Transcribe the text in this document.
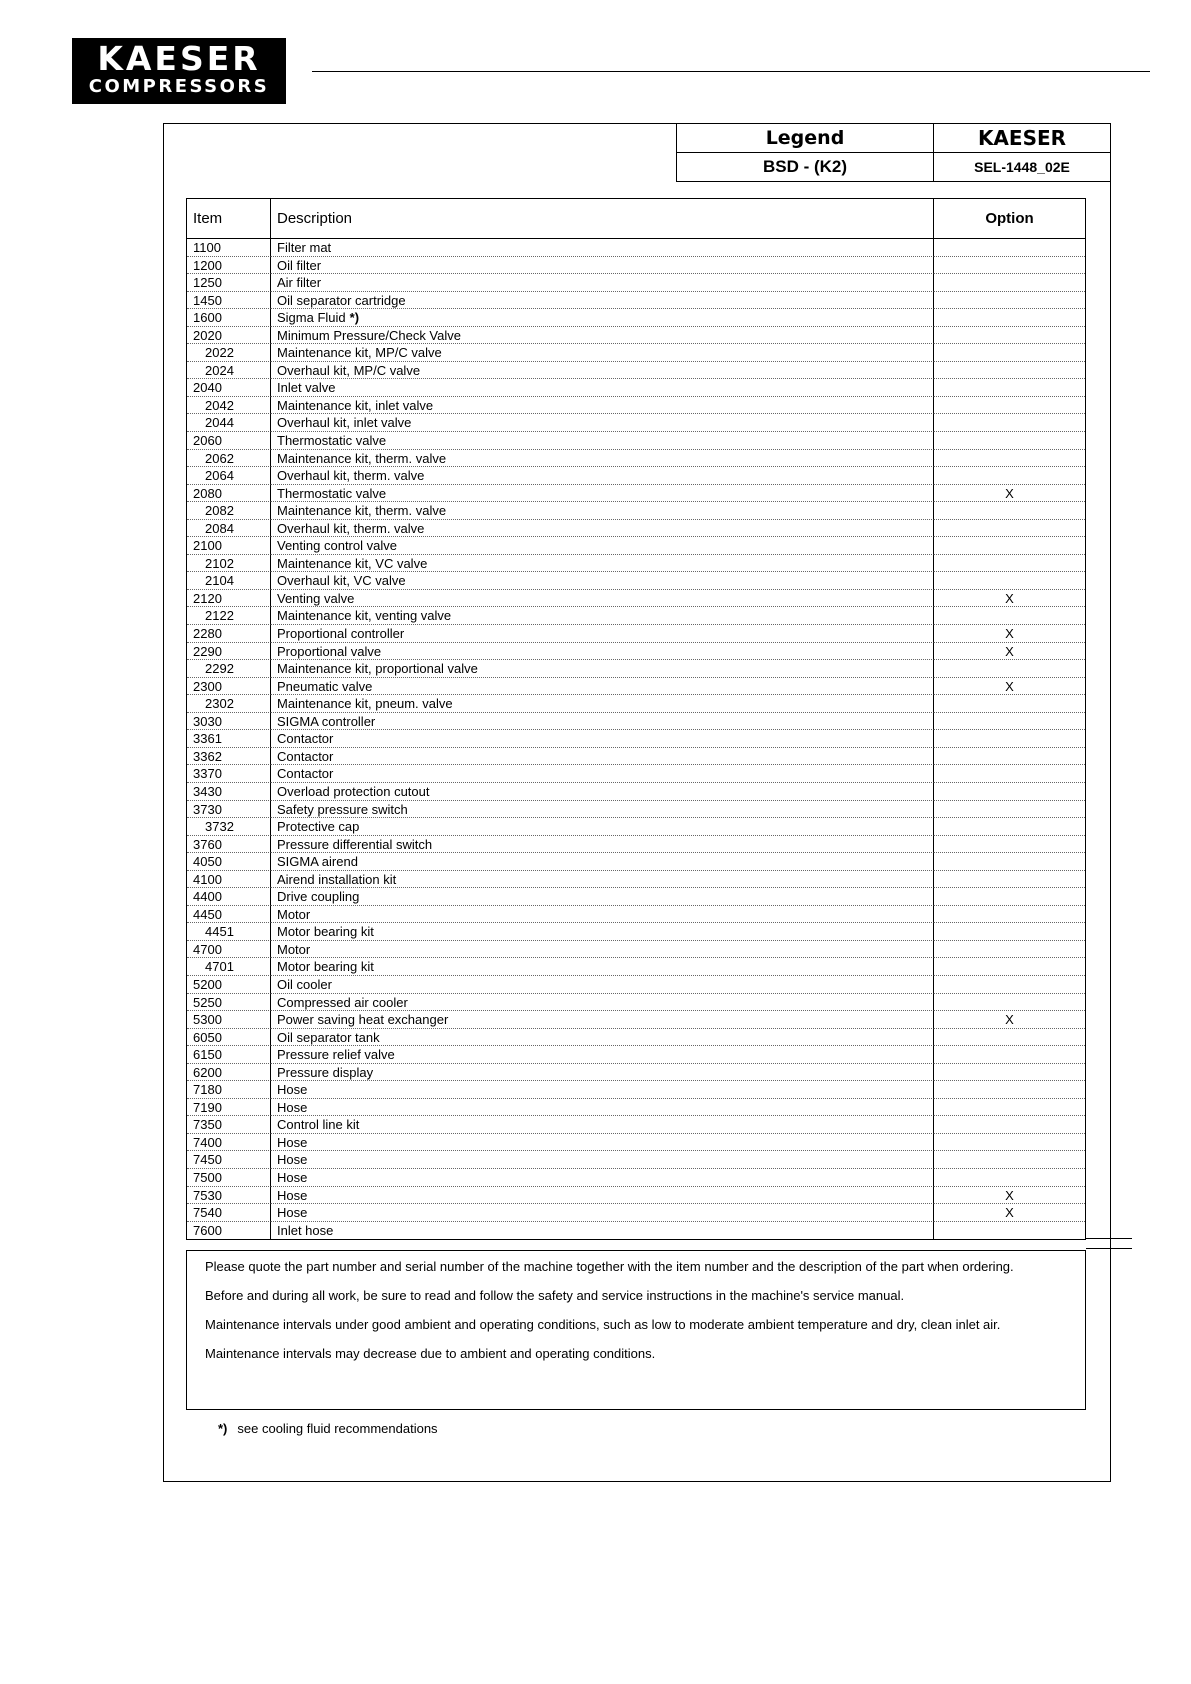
KAESER
COMPRESSORS
Legend	KAESER
BSD - (K2)	SEL-1448_02E
Item	Description	Option
1100	Filter mat
1200	Oil filter
1250	Air filter
1450	Oil separator cartridge
1600	Sigma Fluid *)
2020	Minimum Pressure/Check Valve
2022	Maintenance kit, MP/C valve
2024	Overhaul kit, MP/C valve
2040	Inlet valve
2042	Maintenance kit, inlet valve
2044	Overhaul kit, inlet valve
2060	Thermostatic valve
2062	Maintenance kit, therm. valve
2064	Overhaul kit, therm. valve
2080	Thermostatic valve	X
2082	Maintenance kit, therm. valve
2084	Overhaul kit, therm. valve
2100	Venting control valve
2102	Maintenance kit, VC valve
2104	Overhaul kit, VC valve
2120	Venting valve	X
2122	Maintenance kit, venting valve
2280	Proportional controller	X
2290	Proportional valve	X
2292	Maintenance kit, proportional valve
2300	Pneumatic valve	X
2302	Maintenance kit, pneum. valve
3030	SIGMA controller
3361	Contactor
3362	Contactor
3370	Contactor
3430	Overload protection cutout
3730	Safety pressure switch
3732	Protective cap
3760	Pressure differential switch
4050	SIGMA airend
4100	Airend installation kit
4400	Drive coupling
4450	Motor
4451	Motor bearing kit
4700	Motor
4701	Motor bearing kit
5200	Oil cooler
5250	Compressed air cooler
5300	Power saving heat exchanger	X
6050	Oil separator tank
6150	Pressure relief valve
6200	Pressure display
7180	Hose
7190	Hose
7350	Control line kit
7400	Hose
7450	Hose
7500	Hose
7530	Hose	X
7540	Hose	X
7600	Inlet hose

Please quote the part number and serial number of the machine together with the item number and the description of the part when ordering.

Before and during all work, be sure to read and follow the safety and service instructions in the machine's service manual.

Maintenance intervals under good ambient and operating conditions, such as low to moderate ambient temperature and dry, clean inlet air.

Maintenance intervals may decrease due to ambient and operating conditions.

*) see cooling fluid recommendations
